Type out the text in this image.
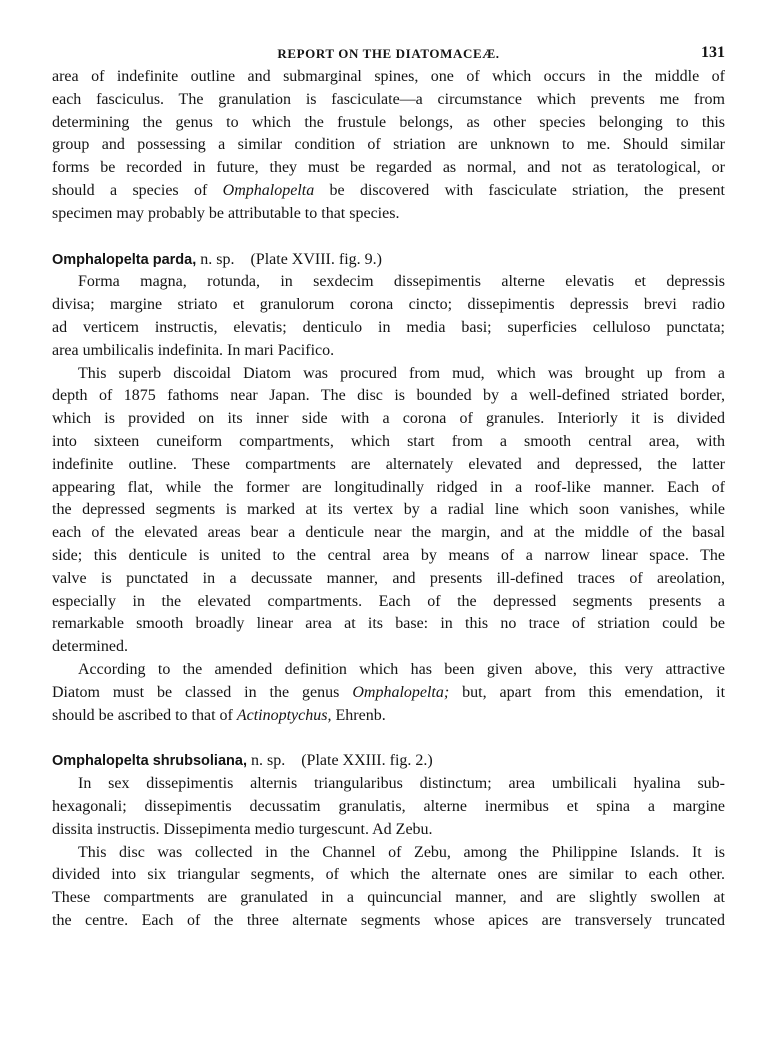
REPORT ON THE DIATOMACEÆ.	131

area of indefinite outline and submarginal spines, one of which occurs in the middle of
each fasciculus. The granulation is fasciculate—a circumstance which prevents me from
determining the genus to which the frustule belongs, as other species belonging to this
group and possessing a similar condition of striation are unknown to me. Should similar
forms be recorded in future, they must be regarded as normal, and not as teratological, or
should a species of Omphalopelta be discovered with fasciculate striation, the present
specimen may probably be attributable to that species.

Omphalopelta parda, n. sp. (Plate XVIII. fig. 9.)

Forma magna, rotunda, in sexdecim dissepimentis alterne elevatis et depressis
divisa; margine striato et granulorum corona cincto; dissepimentis depressis brevi radio
ad verticem instructis, elevatis; denticulo in media basi; superficies celluloso punctata;
area umbilicalis indefinita. In mari Pacifico.

This superb discoidal Diatom was procured from mud, which was brought up from a
depth of 1875 fathoms near Japan. The disc is bounded by a well-defined striated border,
which is provided on its inner side with a corona of granules. Interiorly it is divided
into sixteen cuneiform compartments, which start from a smooth central area, with
indefinite outline. These compartments are alternately elevated and depressed, the latter
appearing flat, while the former are longitudinally ridged in a roof-like manner. Each of
the depressed segments is marked at its vertex by a radial line which soon vanishes, while
each of the elevated areas bear a denticule near the margin, and at the middle of the basal
side; this denticule is united to the central area by means of a narrow linear space. The
valve is punctated in a decussate manner, and presents ill-defined traces of areolation,
especially in the elevated compartments. Each of the depressed segments presents a
remarkable smooth broadly linear area at its base: in this no trace of striation could be
determined.

According to the amended definition which has been given above, this very attractive
Diatom must be classed in the genus Omphalopelta; but, apart from this emendation, it
should be ascribed to that of Actinoptychus, Ehrenb.

Omphalopelta shrubsoliana, n. sp. (Plate XXIII. fig. 2.)

In sex dissepimentis alternis triangularibus distinctum; area umbilicali hyalina sub-
hexagonali; dissepimentis decussatim granulatis, alterne inermibus et spina a margine
dissita instructis. Dissepimenta medio turgescunt. Ad Zebu.

This disc was collected in the Channel of Zebu, among the Philippine Islands. It is
divided into six triangular segments, of which the alternate ones are similar to each other.
These compartments are granulated in a quincuncial manner, and are slightly swollen at
the centre. Each of the three alternate segments whose apices are transversely truncated
